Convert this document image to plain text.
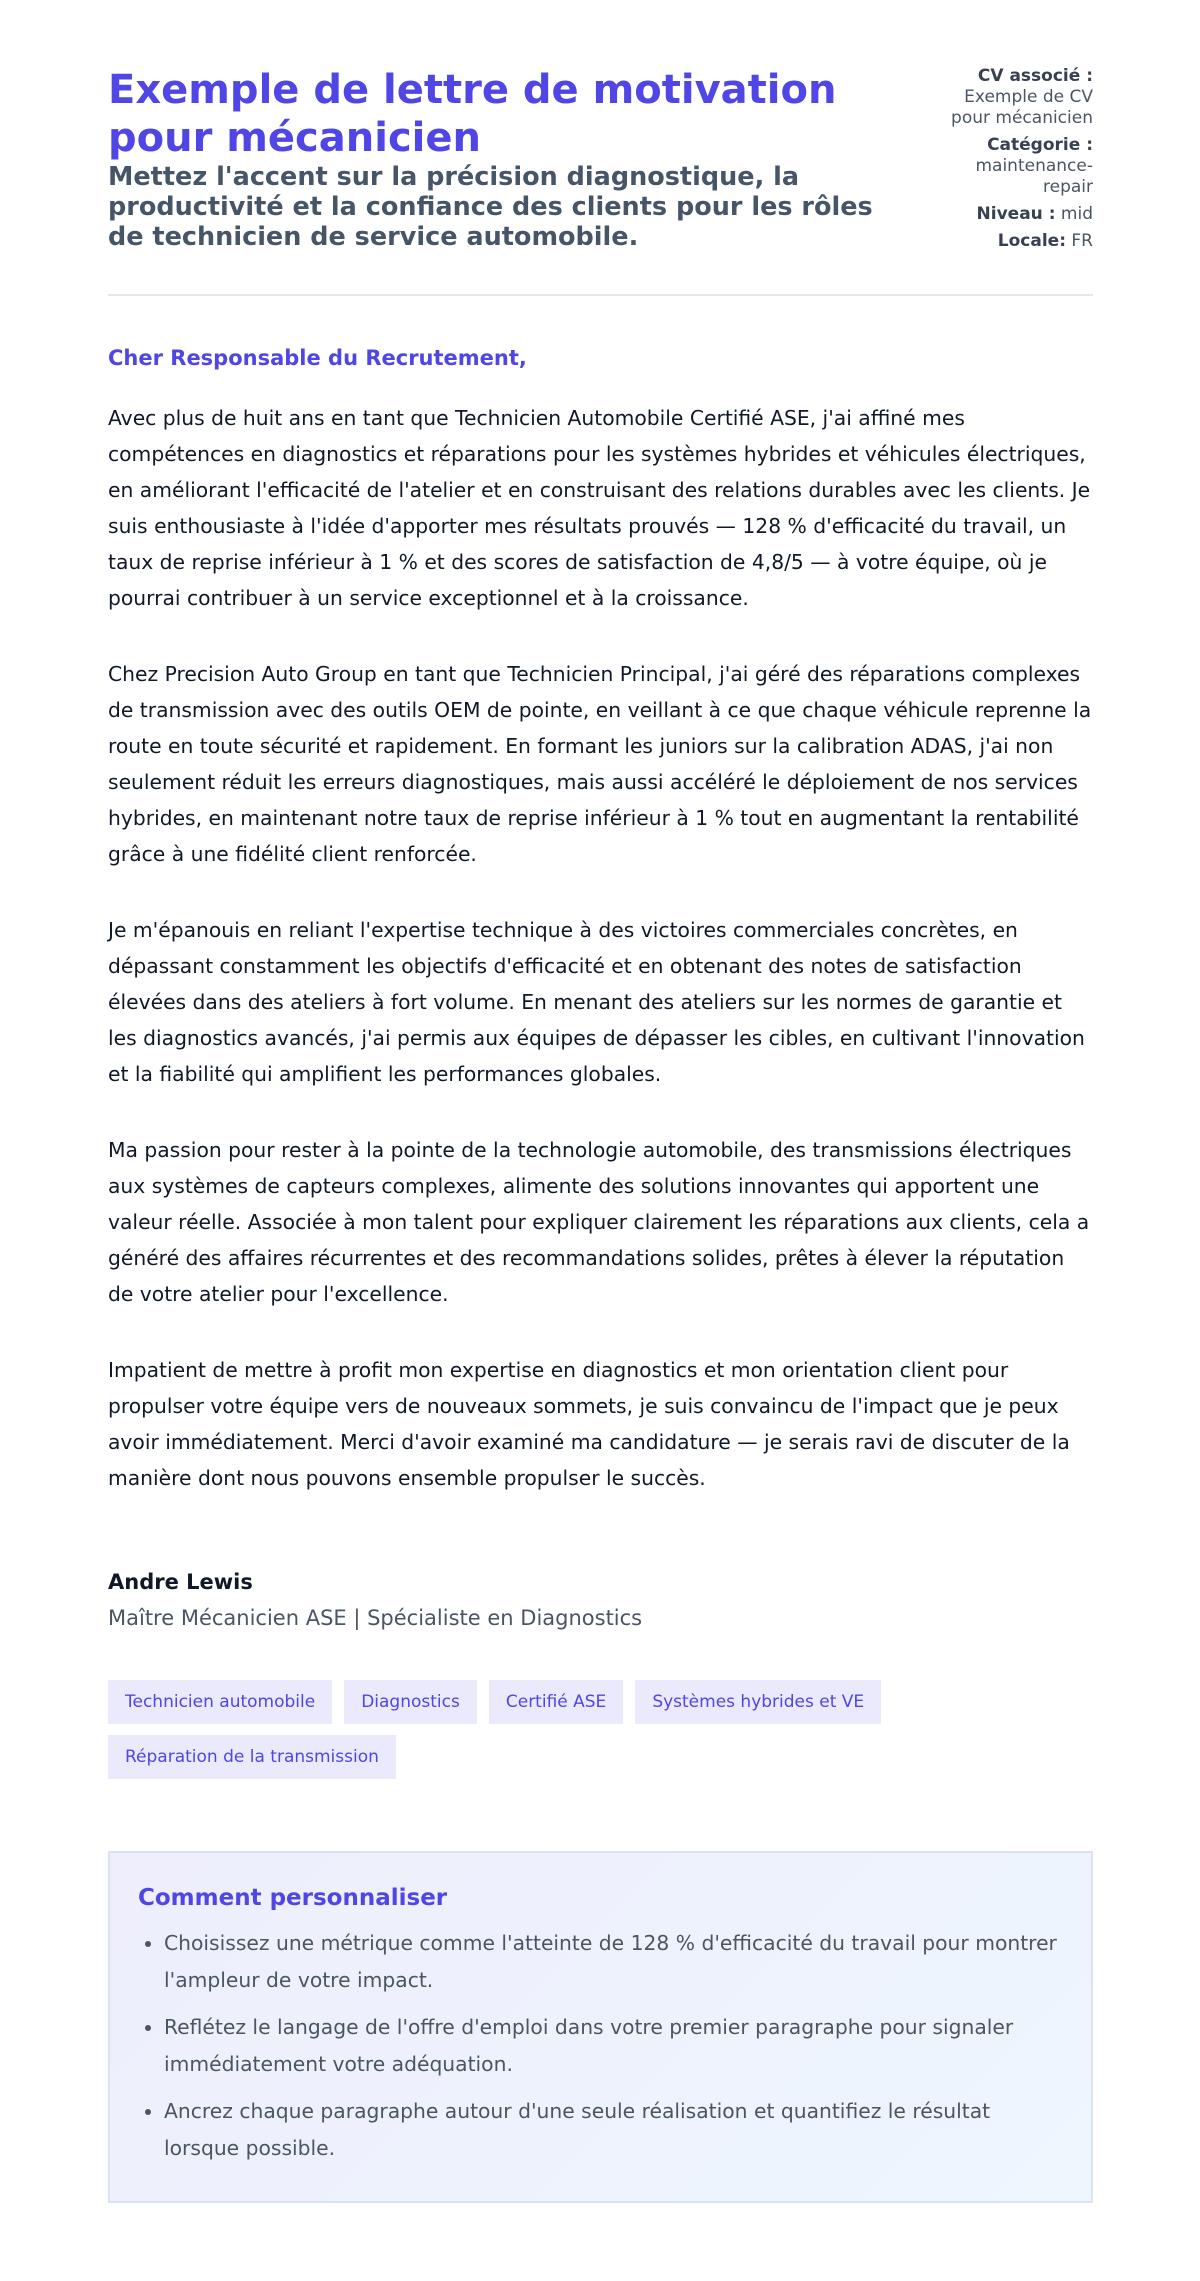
Exemple de lettre de motivation pour mécanicien
Mettez l'accent sur la précision diagnostique, la productivité et la confiance des clients pour les rôles de technicien de service automobile.
CV associé :
Exemple de CV pour mécanicien
Catégorie :
maintenance-repair
Niveau : mid
Locale: FR
Cher Responsable du Recrutement,

Avec plus de huit ans en tant que Technicien Automobile Certifié ASE, j'ai affiné mes compétences en diagnostics et réparations pour les systèmes hybrides et véhicules électriques, en améliorant l'efficacité de l'atelier et en construisant des relations durables avec les clients. Je suis enthousiaste à l'idée d'apporter mes résultats prouvés — 128 % d'efficacité du travail, un taux de reprise inférieur à 1 % et des scores de satisfaction de 4,8/5 — à votre équipe, où je pourrai contribuer à un service exceptionnel et à la croissance.

Chez Precision Auto Group en tant que Technicien Principal, j'ai géré des réparations complexes de transmission avec des outils OEM de pointe, en veillant à ce que chaque véhicule reprenne la route en toute sécurité et rapidement. En formant les juniors sur la calibration ADAS, j'ai non seulement réduit les erreurs diagnostiques, mais aussi accéléré le déploiement de nos services hybrides, en maintenant notre taux de reprise inférieur à 1 % tout en augmentant la rentabilité grâce à une fidélité client renforcée.

Je m'épanouis en reliant l'expertise technique à des victoires commerciales concrètes, en dépassant constamment les objectifs d'efficacité et en obtenant des notes de satisfaction élevées dans des ateliers à fort volume. En menant des ateliers sur les normes de garantie et les diagnostics avancés, j'ai permis aux équipes de dépasser les cibles, en cultivant l'innovation et la fiabilité qui amplifient les performances globales.

Ma passion pour rester à la pointe de la technologie automobile, des transmissions électriques aux systèmes de capteurs complexes, alimente des solutions innovantes qui apportent une valeur réelle. Associée à mon talent pour expliquer clairement les réparations aux clients, cela a généré des affaires récurrentes et des recommandations solides, prêtes à élever la réputation de votre atelier pour l'excellence.

Impatient de mettre à profit mon expertise en diagnostics et mon orientation client pour propulser votre équipe vers de nouveaux sommets, je suis convaincu de l'impact que je peux avoir immédiatement. Merci d'avoir examiné ma candidature — je serais ravi de discuter de la manière dont nous pouvons ensemble propulser le succès.

Andre Lewis
Maître Mécanicien ASE | Spécialiste en Diagnostics
Technicien automobile	Diagnostics	Certifié ASE	Systèmes hybrides et VE
Réparation de la transmission
Comment personnaliser
• Choisissez une métrique comme l'atteinte de 128 % d'efficacité du travail pour montrer l'ampleur de votre impact.
• Reflétez le langage de l'offre d'emploi dans votre premier paragraphe pour signaler immédiatement votre adéquation.
• Ancrez chaque paragraphe autour d'une seule réalisation et quantifiez le résultat lorsque possible.
